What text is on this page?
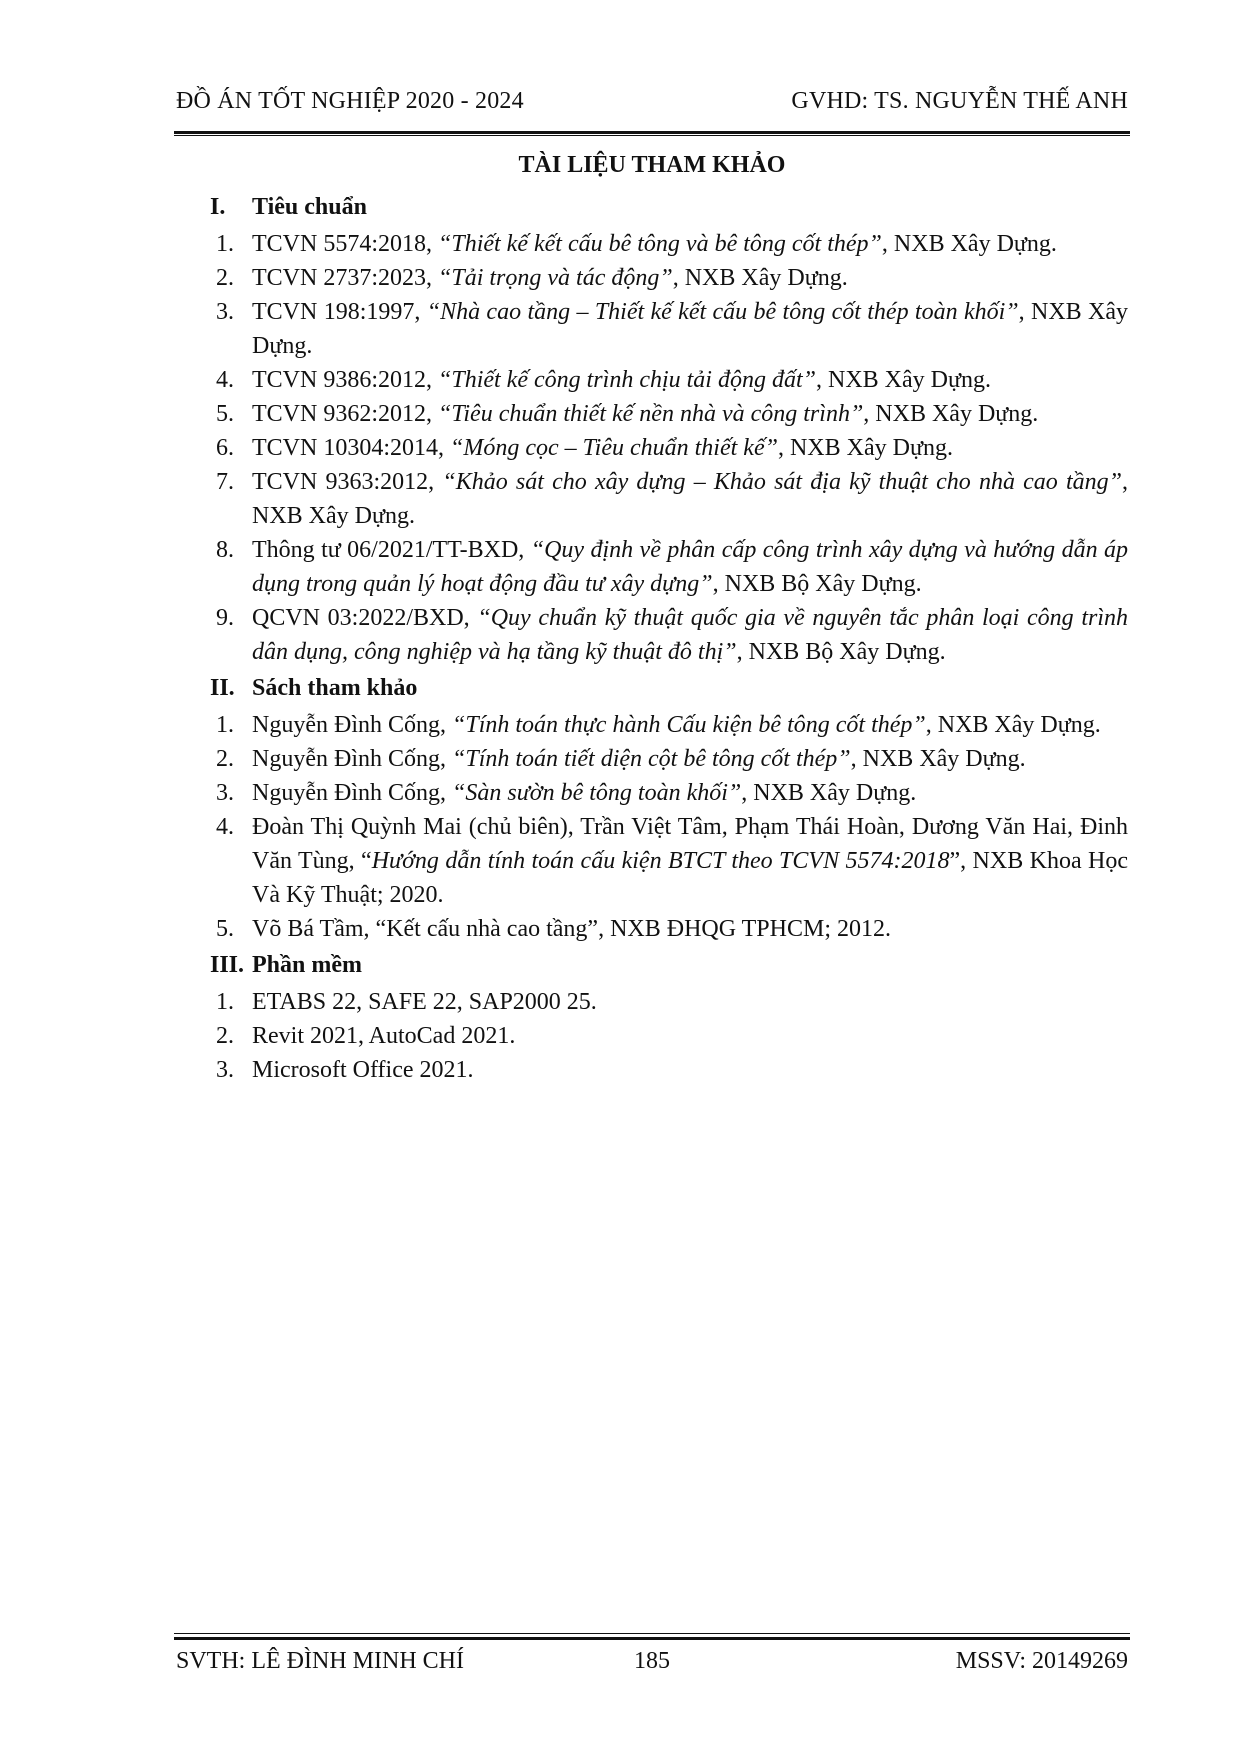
ĐỒ ÁN TỐT NGHIỆP 2020 - 2024	GVHD: TS. NGUYỄN THẾ ANH
TÀI LIỆU THAM KHẢO
I.	Tiêu chuẩn
1. TCVN 5574:2018, “Thiết kế kết cấu bê tông và bê tông cốt thép”, NXB Xây Dựng.
2. TCVN 2737:2023, “Tải trọng và tác động”, NXB Xây Dựng.
3. TCVN 198:1997, “Nhà cao tầng – Thiết kế kết cấu bê tông cốt thép toàn khối”, NXB Xây Dựng.
4. TCVN 9386:2012, “Thiết kế công trình chịu tải động đất”, NXB Xây Dựng.
5. TCVN 9362:2012, “Tiêu chuẩn thiết kế nền nhà và công trình”, NXB Xây Dựng.
6. TCVN 10304:2014, “Móng cọc – Tiêu chuẩn thiết kế”, NXB Xây Dựng.
7. TCVN 9363:2012, “Khảo sát cho xây dựng – Khảo sát địa kỹ thuật cho nhà cao tầng”, NXB Xây Dựng.
8. Thông tư 06/2021/TT-BXD, “Quy định về phân cấp công trình xây dựng và hướng dẫn áp dụng trong quản lý hoạt động đầu tư xây dựng”, NXB Bộ Xây Dựng.
9. QCVN 03:2022/BXD, “Quy chuẩn kỹ thuật quốc gia về nguyên tắc phân loại công trình dân dụng, công nghiệp và hạ tầng kỹ thuật đô thị”, NXB Bộ Xây Dựng.
II. Sách tham khảo
1. Nguyễn Đình Cống, “Tính toán thực hành Cấu kiện bê tông cốt thép”, NXB Xây Dựng.
2. Nguyễn Đình Cống, “Tính toán tiết diện cột bê tông cốt thép”, NXB Xây Dựng.
3. Nguyễn Đình Cống, “Sàn sườn bê tông toàn khối”, NXB Xây Dựng.
4. Đoàn Thị Quỳnh Mai (chủ biên), Trần Việt Tâm, Phạm Thái Hoàn, Dương Văn Hai, Đinh Văn Tùng, “Hướng dẫn tính toán cấu kiện BTCT theo TCVN 5574:2018”, NXB Khoa Học Và Kỹ Thuật; 2020.
5. Võ Bá Tầm, “Kết cấu nhà cao tầng”, NXB ĐHQG TPHCM; 2012.
III. Phần mềm
1. ETABS 22, SAFE 22, SAP2000 25.
2. Revit 2021, AutoCad 2021.
3. Microsoft Office 2021.
SVTH: LÊ ĐÌNH MINH CHÍ	185	MSSV: 20149269
